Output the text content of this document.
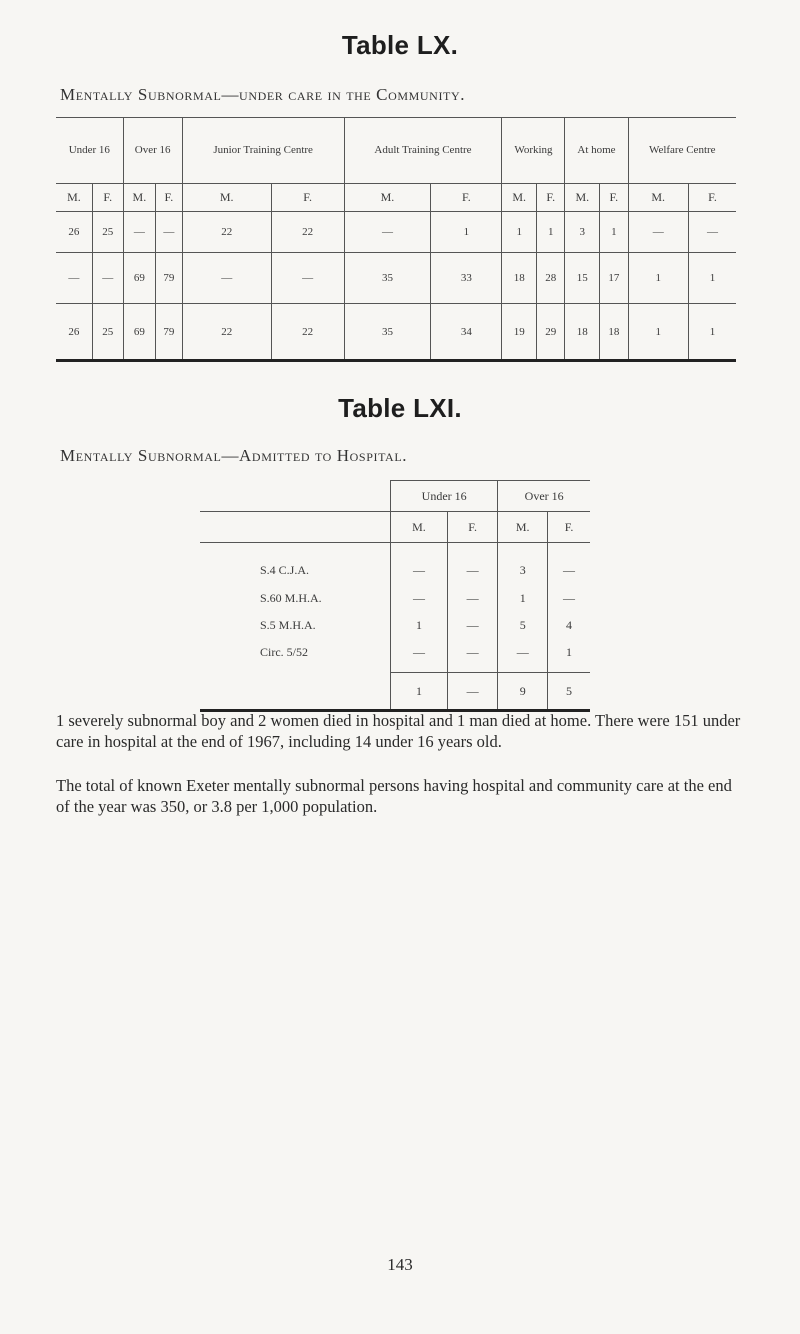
Table LX.
Mentally Subnormal—under care in the Community.
Under 16		Over 16		Junior Training Centre		Adult Training Centre		Working		At home		Welfare Centre	
M.	F.	M.	F.	M.	F.	M.	F.	M.	F.	M.	F.	M.	F.
26	25	—	—	22	22	—	1	1	1	3	1	—	—
—	—	69	79	—	—	35	33	18	28	15	17	1	1
26	25	69	79	22	22	35	34	19	29	18	18	1	1
Table LXI.
Mentally Subnormal—Admitted to Hospital.
	Under 16		Over 16	
	M.	F.	M.	F.
S.4 C.J.A.	—	—	3	—
S.60 M.H.A.	—	—	1	—
S.5 M.H.A.	1	—	5	4
Circ. 5/52	—	—	—	1
	1	—	9	5

1 severely subnormal boy and 2 women died in hospital and 1 man died at home. There were 151 under care in hospital at the end of 1967, including 14 under 16 years old.

The total of known Exeter mentally subnormal persons having hospital and community care at the end of the year was 350, or 3.8 per 1,000 population.

143
